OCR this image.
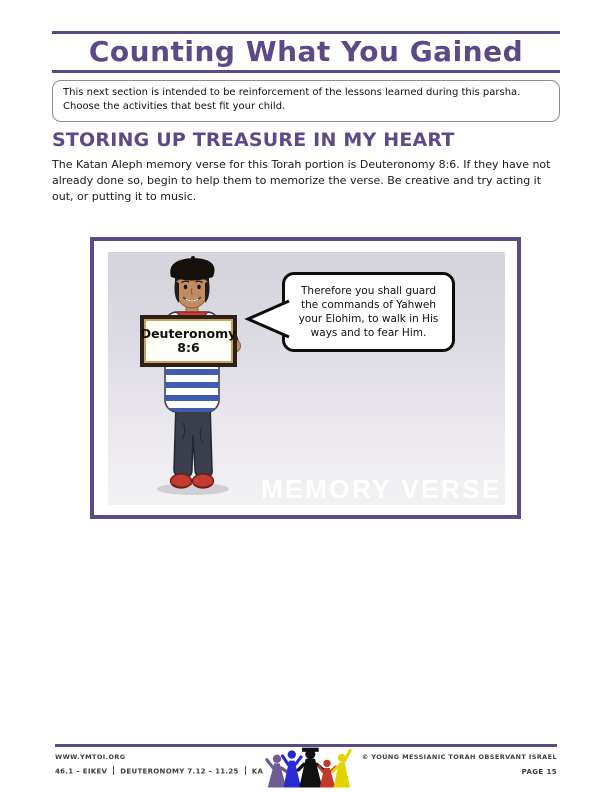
Counting What You Gained

This next section is intended to be reinforcement of the lessons learned during this parsha. Choose the activities that best fit your child.

STORING UP TREASURE IN MY HEART

The Katan Aleph memory verse for this Torah portion is Deuteronomy 8:6. If they have not already done so, begin to help them to memorize the verse. Be creative and try acting it out, or putting it to music.

Deuteronomy
8:6
Therefore you shall guard the commands of Yahweh your Elohim, to walk in His ways and to fear Him.
MEMORY VERSE
WWW.YMTOI.ORG
46.1 – EIKEV DEUTERONOMY 7.12 – 11.25 KA
© YOUNG MESSIANIC TORAH OBSERVANT ISRAEL
PAGE 15
